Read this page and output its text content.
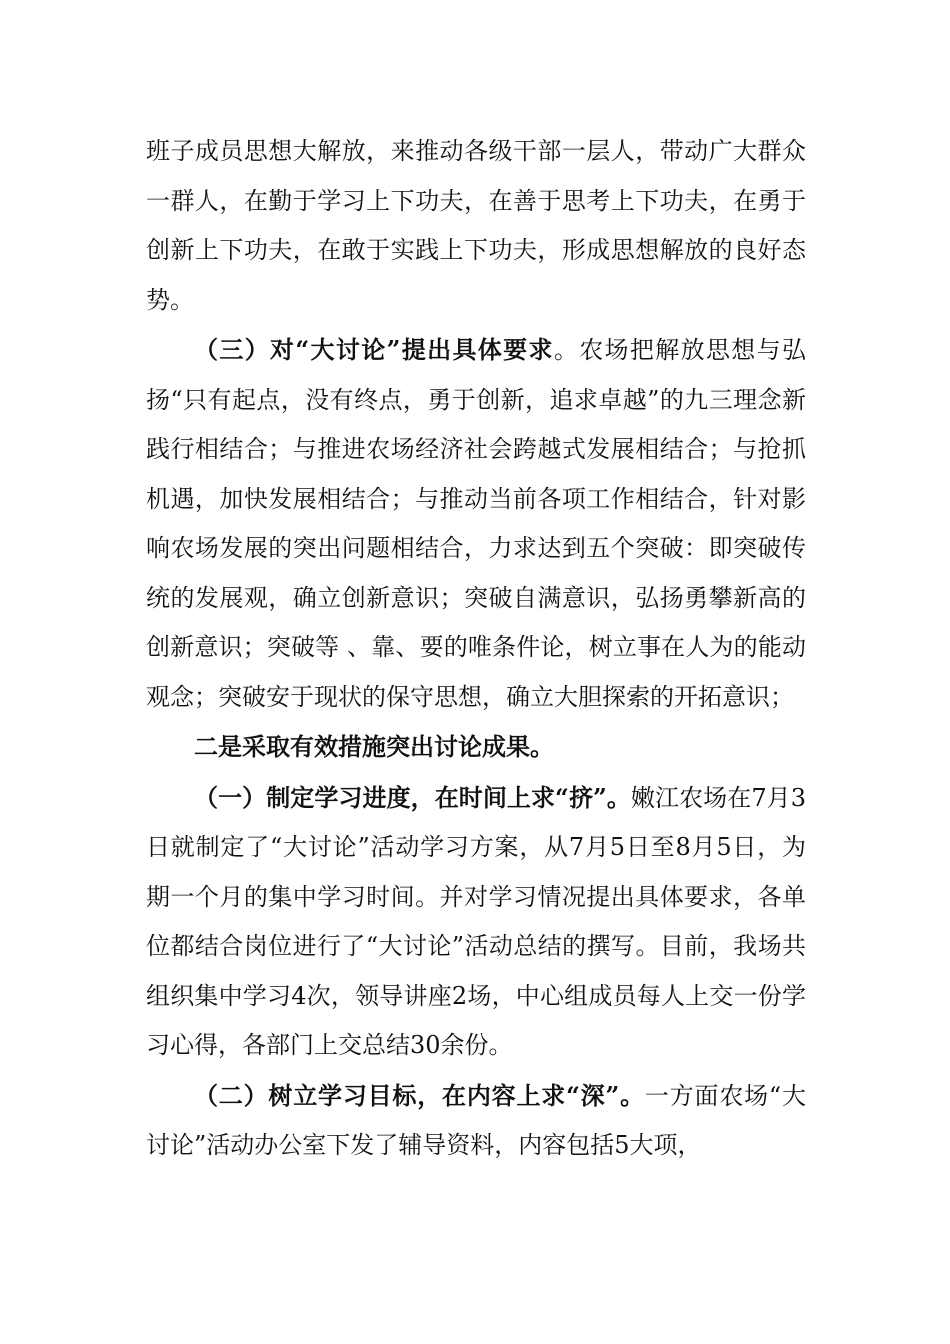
班子成员思想大解放，来推动各级干部一层人，带动广大群众一群人，在勤于学习上下功夫，在善于思考上下功夫，在勇于创新上下功夫，在敢于实践上下功夫，形成思想解放的良好态势。

（三）对“大讨论”提出具体要求。农场把解放思想与弘扬“只有起点，没有终点，勇于创新，追求卓越”的九三理念新践行相结合；与推进农场经济社会跨越式发展相结合；与抢抓机遇，加快发展相结合；与推动当前各项工作相结合，针对影响农场发展的突出问题相结合，力求达到五个突破：即突破传统的发展观，确立创新意识；突破自满意识，弘扬勇攀新高的创新意识；突破等 、靠、要的唯条件论，树立事在人为的能动观念；突破安于现状的保守思想，确立大胆探索的开拓意识；

二是采取有效措施突出讨论成果。

（一）制定学习进度，在时间上求“挤”。嫩江农场在7月3日就制定了“大讨论”活动学习方案，从7月5日至8月5日，为期一个月的集中学习时间。并对学习情况提出具体要求，各单位都结合岗位进行了“大讨论”活动总结的撰写。目前，我场共组织集中学习4次，领导讲座2场，中心组成员每人上交一份学习心得，各部门上交总结30余份。

（二）树立学习目标，在内容上求“深”。一方面农场“大讨论”活动办公室下发了辅导资料，内容包括5大项，
